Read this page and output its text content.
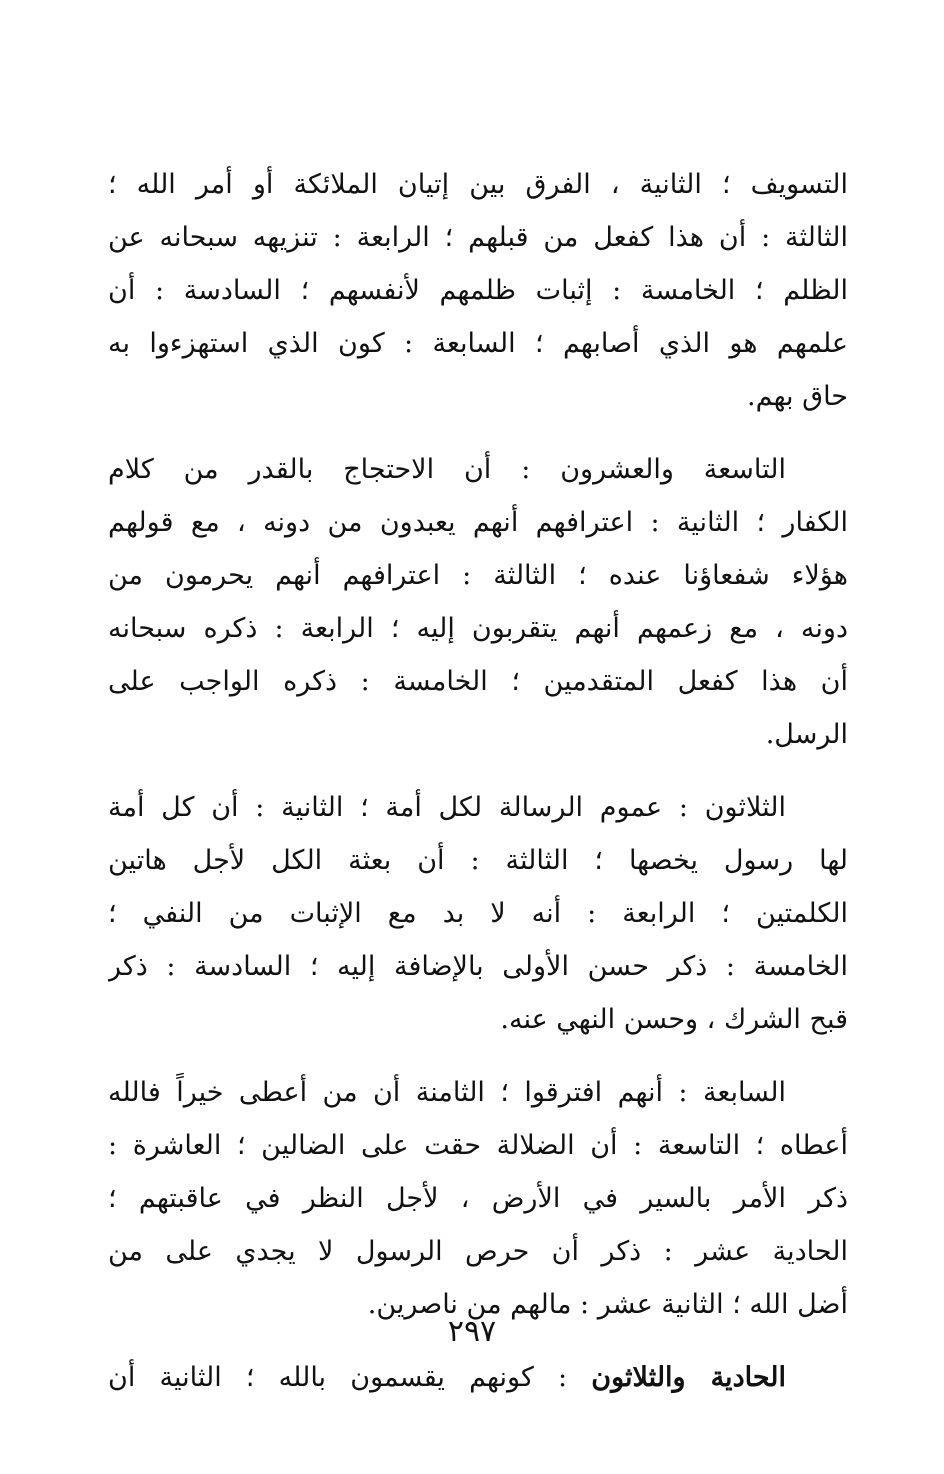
التسويف ؛ الثانية ، الفرق بين إتيان الملائكة أو أمر الله ؛
الثالثة : أن هذا كفعل من قبلهم ؛ الرابعة : تنزيهه سبحانه عن
الظلم ؛ الخامسة : إثبات ظلمهم لأنفسهم ؛ السادسة : أن
علمهم هو الذي أصابهم ؛ السابعة : كون الذي استهزءوا به
حاق بهم.
التاسعة والعشرون : أن الاحتجاج بالقدر من كلام
الكفار ؛ الثانية : اعترافهم أنهم يعبدون من دونه ، مع قولهم
هؤلاء شفعاؤنا عنده ؛ الثالثة : اعترافهم أنهم يحرمون من
دونه ، مع زعمهم أنهم يتقربون إليه ؛ الرابعة : ذكره سبحانه
أن هذا كفعل المتقدمين ؛ الخامسة : ذكره الواجب على
الرسل.
الثلاثون : عموم الرسالة لكل أمة ؛ الثانية : أن كل أمة
لها رسول يخصها ؛ الثالثة : أن بعثة الكل لأجل هاتين
الكلمتين ؛ الرابعة : أنه لا بد مع الإثبات من النفي ؛
الخامسة : ذكر حسن الأولى بالإضافة إليه ؛ السادسة : ذكر
قبح الشرك ، وحسن النهي عنه.
السابعة : أنهم افترقوا ؛ الثامنة أن من أعطى خيراً فالله
أعطاه ؛ التاسعة : أن الضلالة حقت على الضالين ؛ العاشرة :
ذكر الأمر بالسير في الأرض ، لأجل النظر في عاقبتهم ؛
الحادية عشر : ذكر أن حرص الرسول لا يجدي على من
أضل الله ؛ الثانية عشر : مالهم من ناصرين.
الحادية والثلاثون : كونهم يقسمون بالله ؛ الثانية أن
٢٩٧
